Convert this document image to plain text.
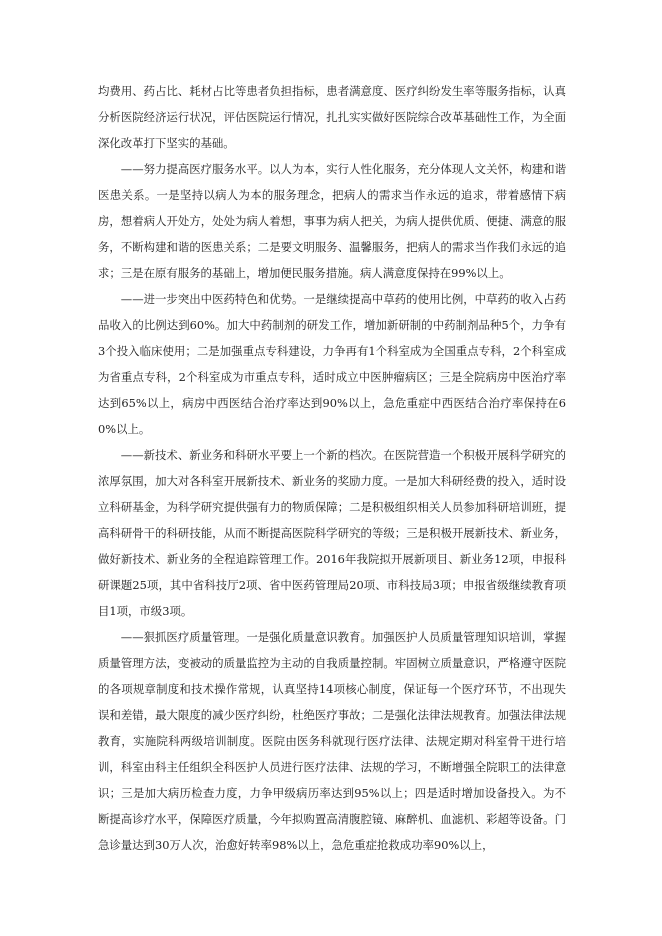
均费用、药占比、耗材占比等患者负担指标，患者满意度、医疗纠纷发生率等服务指标，认真分析医院经济运行状况，评估医院运行情况，扎扎实实做好医院综合改革基础性工作，为全面深化改革打下坚实的基础。

——努力提高医疗服务水平。以人为本，实行人性化服务，充分体现人文关怀，构建和谐医患关系。一是坚持以病人为本的服务理念，把病人的需求当作永远的追求，带着感情下病房，想着病人开处方，处处为病人着想，事事为病人把关，为病人提供优质、便捷、满意的服务，不断构建和谐的医患关系；二是要文明服务、温馨服务，把病人的需求当作我们永远的追求；三是在原有服务的基础上，增加便民服务措施。病人满意度保持在99%以上。

——进一步突出中医药特色和优势。一是继续提高中草药的使用比例，中草药的收入占药品收入的比例达到60%。加大中药制剂的研发工作，增加新研制的中药制剂品种5个，力争有3个投入临床使用；二是加强重点专科建设，力争再有1个科室成为全国重点专科，2个科室成为省重点专科，2个科室成为市重点专科，适时成立中医肿瘤病区；三是全院病房中医治疗率达到65%以上，病房中西医结合治疗率达到90%以上，急危重症中西医结合治疗率保持在60%以上。

——新技术、新业务和科研水平要上一个新的档次。在医院营造一个积极开展科学研究的浓厚氛围，加大对各科室开展新技术、新业务的奖励力度。一是加大科研经费的投入，适时设立科研基金，为科学研究提供强有力的物质保障；二是积极组织相关人员参加科研培训班，提高科研骨干的科研技能，从而不断提高医院科学研究的等级；三是积极开展新技术、新业务，做好新技术、新业务的全程追踪管理工作。2016年我院拟开展新项目、新业务12项，申报科研课题25项，其中省科技厅2项、省中医药管理局20项、市科技局3项；申报省级继续教育项目1项，市级3项。

——狠抓医疗质量管理。一是强化质量意识教育。加强医护人员质量管理知识培训，掌握质量管理方法，变被动的质量监控为主动的自我质量控制。牢固树立质量意识，严格遵守医院的各项规章制度和技术操作常规，认真坚持14项核心制度，保证每一个医疗环节，不出现失误和差错，最大限度的减少医疗纠纷，杜绝医疗事故；二是强化法律法规教育。加强法律法规教育，实施院科两级培训制度。医院由医务科就现行医疗法律、法规定期对科室骨干进行培训，科室由科主任组织全科医护人员进行医疗法律、法规的学习，不断增强全院职工的法律意识；三是加大病历检查力度，力争甲级病历率达到95%以上；四是适时增加设备投入。为不断提高诊疗水平，保障医疗质量，今年拟购置高清腹腔镜、麻醉机、血滤机、彩超等设备。门急诊量达到30万人次，治愈好转率98%以上，急危重症抢救成功率90%以上，
